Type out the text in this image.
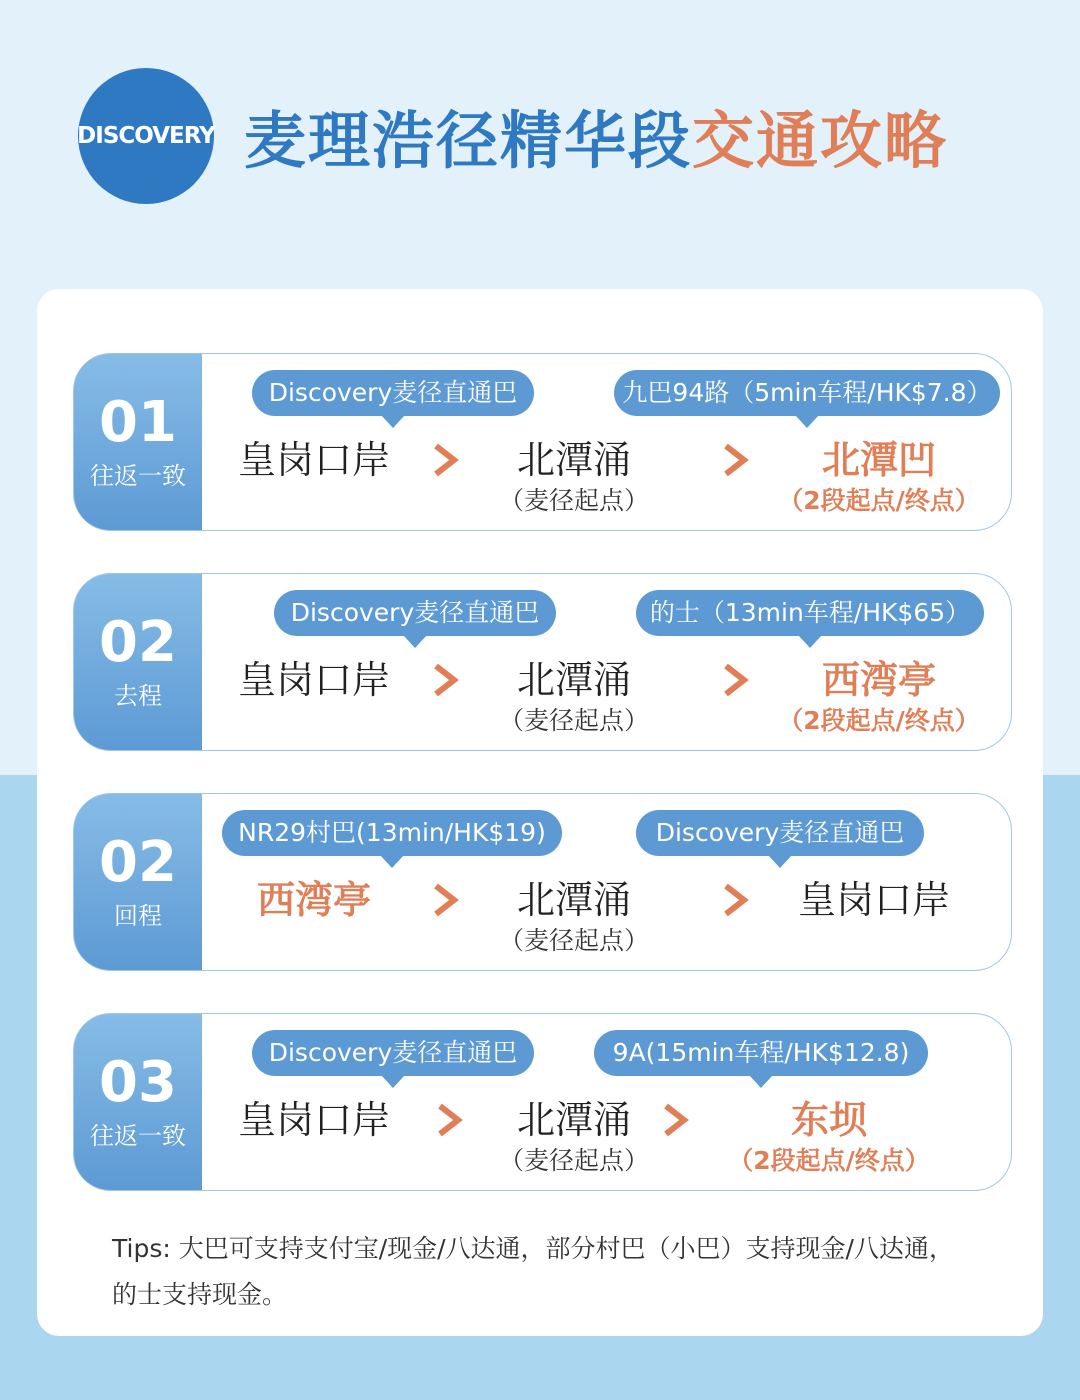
DISCOVERY 麦理浩径精华段交通攻略
01
往返一致
Discovery麦径直通巴	九巴94路（5min车程/HK$7.8）
皇岗口岸	北潭涌
（麦径起点）
北潭凹
（2段起点/终点）
02
去程
Discovery麦径直通巴	的士（13min车程/HK$65）
皇岗口岸	北潭涌
（麦径起点）
西湾亭
（2段起点/终点）
02
回程
NR29村巴(13min/HK$19)	Discovery麦径直通巴
西湾亭	北潭涌
（麦径起点）
皇岗口岸
03
往返一致
Discovery麦径直通巴	9A(15min车程/HK$12.8)
皇岗口岸	北潭涌
（麦径起点）
东坝
（2段起点/终点）
Tips: 大巴可支持支付宝/现金/八达通，部分村巴（小巴）支持现金/八达通，
的士支持现金。
